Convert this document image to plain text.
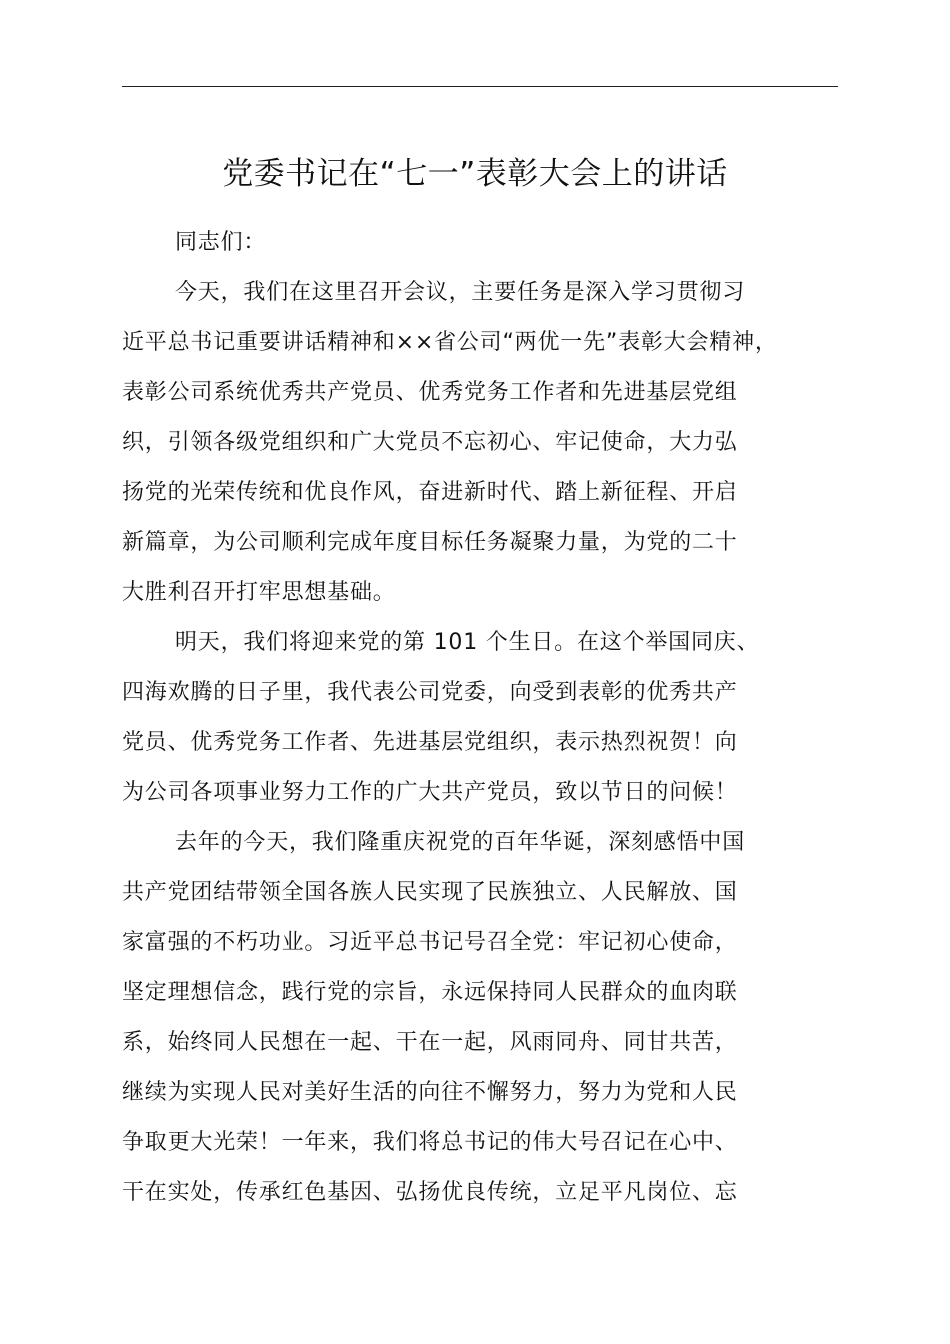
党委书记在“七一”表彰大会上的讲话
同志们：
今天，我们在这里召开会议，主要任务是深入学习贯彻习
近平总书记重要讲话精神和××省公司“两优一先”表彰大会精神，
表彰公司系统优秀共产党员、优秀党务工作者和先进基层党组
织，引领各级党组织和广大党员不忘初心、牢记使命，大力弘
扬党的光荣传统和优良作风，奋进新时代、踏上新征程、开启
新篇章，为公司顺利完成年度目标任务凝聚力量，为党的二十
大胜利召开打牢思想基础。
明天，我们将迎来党的第 101 个生日。在这个举国同庆、
四海欢腾的日子里，我代表公司党委，向受到表彰的优秀共产
党员、优秀党务工作者、先进基层党组织，表示热烈祝贺！向
为公司各项事业努力工作的广大共产党员，致以节日的问候！
去年的今天，我们隆重庆祝党的百年华诞，深刻感悟中国
共产党团结带领全国各族人民实现了民族独立、人民解放、国
家富强的不朽功业。习近平总书记号召全党：牢记初心使命，
坚定理想信念，践行党的宗旨，永远保持同人民群众的血肉联
系，始终同人民想在一起、干在一起，风雨同舟、同甘共苦，
继续为实现人民对美好生活的向往不懈努力，努力为党和人民
争取更大光荣！一年来，我们将总书记的伟大号召记在心中、
干在实处，传承红色基因、弘扬优良传统，立足平凡岗位、忘
